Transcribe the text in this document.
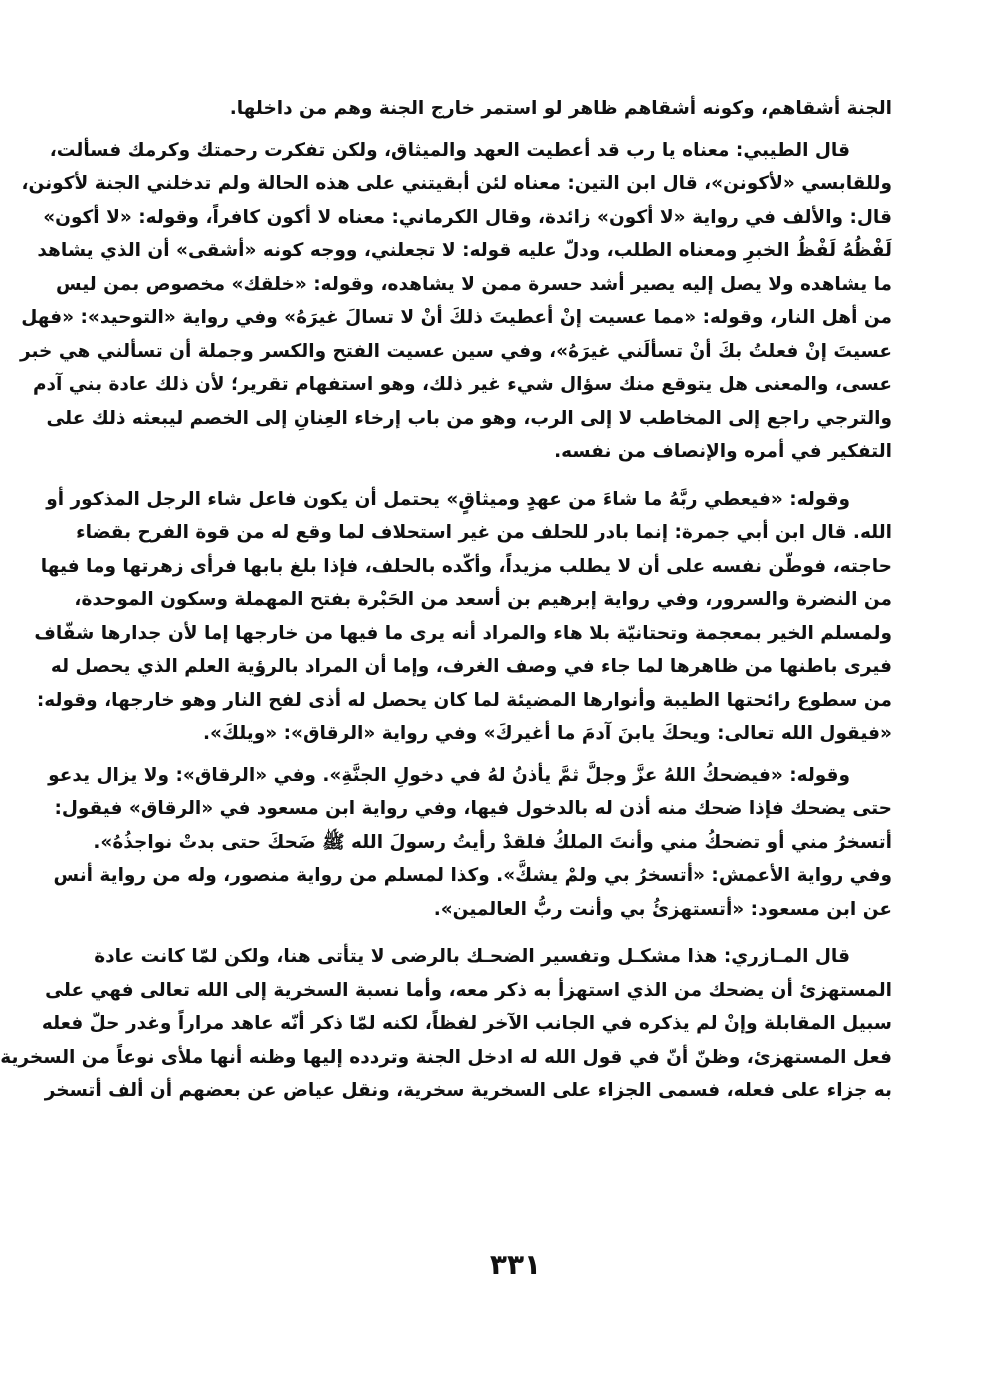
الجنة أشقاهم، وكونه أشقاهم ظاهر لو استمر خارج الجنة وهم من داخلها.
قال الطيبي: معناه يا رب قد أعطيت العهد والميثاق، ولكن تفكرت رحمتك وكرمك فسألت،
وللقابسي «لأكونن»، قال ابن التين: معناه لئن أبقيتني على هذه الحالة ولم تدخلني الجنة لأكونن،
قال: والألف في رواية «لا أكون» زائدة، وقال الكرماني: معناه لا أكون كافراً، وقوله: «لا أكون»
لَفْظُهُ لَفْظُ الخبرِ ومعناه الطلب، ودلّ عليه قوله: لا تجعلني، ووجه كونه «أشقى» أن الذي يشاهد
ما يشاهده ولا يصل إليه يصير أشد حسرة ممن لا يشاهده، وقوله: «خلقك» مخصوص بمن ليس
من أهل النار، وقوله: «مما عسيت إنْ أعطيتَ ذلكَ أنْ لا تسالَ غيرَهُ» وفي رواية «التوحيد»: «فهل
عسيتَ إنْ فعلتُ بكَ أنْ تسألَني غيرَهُ»، وفي سين عسيت الفتح والكسر وجملة أن تسألني هي خبر
عسى، والمعنى هل يتوقع منك سؤال شيء غير ذلك، وهو استفهام تقرير؛ لأن ذلك عادة بني آدم
والترجي راجع إلى المخاطب لا إلى الرب، وهو من باب إرخاء العِنانِ إلى الخصم ليبعثه ذلك على
التفكير في أمره والإنصاف من نفسه.
وقوله: «فيعطي ربَّهُ ما شاءَ من عهدٍ وميثاقٍ» يحتمل أن يكون فاعل شاء الرجل المذكور أو
الله. قال ابن أبي جمرة: إنما بادر للحلف من غير استحلاف لما وقع له من قوة الفرح بقضاء
حاجته، فوطّن نفسه على أن لا يطلب مزيداً، وأكّده بالحلف، فإذا بلغ بابها فرأى زهرتها وما فيها
من النضرة والسرور، وفي رواية إبرهيم بن أسعد من الحَبْرة بفتح المهملة وسكون الموحدة،
ولمسلم الخير بمعجمة وتحتانيّة بلا هاء والمراد أنه يرى ما فيها من خارجها إما لأن جدارها شفّاف
فيرى باطنها من ظاهرها لما جاء في وصف الغرف، وإما أن المراد بالرؤية العلم الذي يحصل له
من سطوع رائحتها الطيبة وأنوارها المضيئة لما كان يحصل له أذى لفح النار وهو خارجها، وقوله:
«فيقول الله تعالى: ويحكَ يابنَ آدمَ ما أغيركَ» وفي رواية «الرقاق»: «ويلكَ».
وقوله: «فيضحكُ اللهُ عزَّ وجلَّ ثمَّ يأذنُ لهُ في دخولِ الجنَّةِ». وفي «الرقاق»: ولا يزال يدعو
حتى يضحك فإذا ضحك منه أذن له بالدخول فيها، وفي رواية ابن مسعود في «الرقاق» فيقول:
أتسخرُ مني أو تضحكُ مني وأنتَ الملكُ فلقدْ رأيتُ رسولَ الله ﷺ ضَحكَ حتى بدتْ نواجذُهُ».
وفي رواية الأعمش: «أتسخرُ بي ولمْ يشكَّ». وكذا لمسلم من رواية منصور، وله من رواية أنس
عن ابن مسعود: «أتستهزئُ بي وأنت ربُّ العالمين».
قال المـازري: هذا مشكـل وتفسير الضحـك بالرضى لا يتأتى هنا، ولكن لمّا كانت عادة
المستهزئ أن يضحك من الذي استهزأ به ذكر معه، وأما نسبة السخرية إلى الله تعالى فهي على
سبيل المقابلة وإنْ لم يذكره في الجانب الآخر لفظاً، لكنه لمّا ذكر أنّه عاهد مراراً وغدر حلّ فعله
فعل المستهزئ، وظنّ أنّ في قول الله له ادخل الجنة وتردده إليها وظنه أنها ملأى نوعاً من السخرية
به جزاء على فعله، فسمى الجزاء على السخرية سخرية، ونقل عياض عن بعضهم أن ألف أتسخر
٣٣١
